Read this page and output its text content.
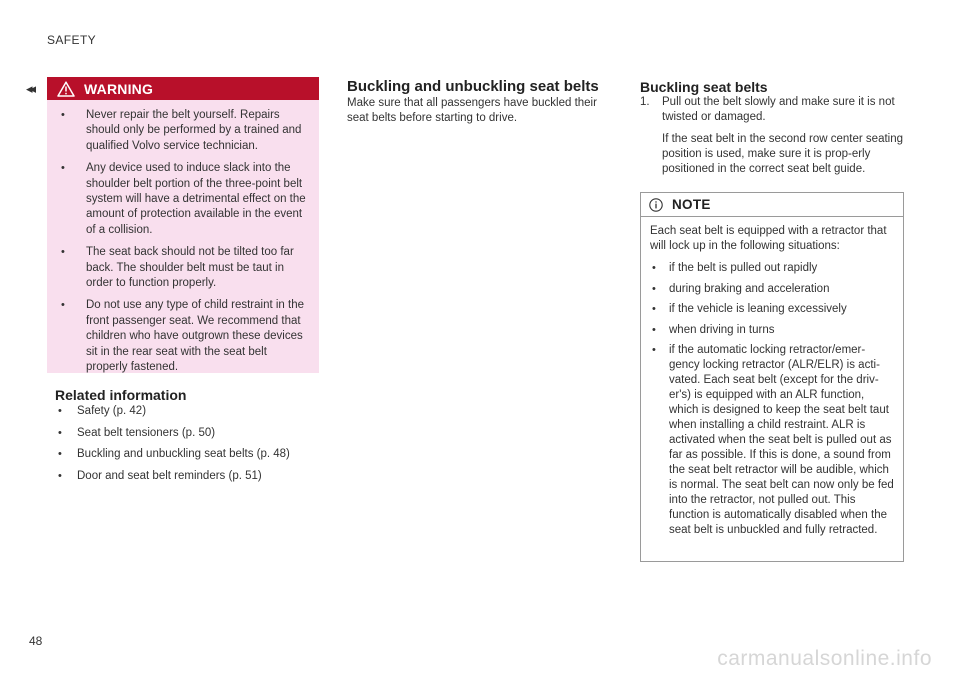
SAFETY
◂◂	WARNING
• Never repair the belt yourself. Repairs should only be performed by a trained and qualified Volvo service technician.
• Any device used to induce slack into the shoulder belt portion of the three-point belt system will have a detrimental effect on the amount of protection available in the event of a collision.
• The seat back should not be tilted too far back. The shoulder belt must be taut in order to function properly.
• Do not use any type of child restraint in the front passenger seat. We recommend that children who have outgrown these devices sit in the rear seat with the seat belt properly fastened.
Related information
• Safety (p. 42)
• Seat belt tensioners (p. 50)
• Buckling and unbuckling seat belts (p. 48)
• Door and seat belt reminders (p. 51)
Buckling and unbuckling seat belts
Make sure that all passengers have buckled their seat belts before starting to drive.
Buckling seat belts
1. Pull out the belt slowly and make sure it is not twisted or damaged.
If the seat belt in the second row center seating position is used, make sure it is prop-erly positioned in the correct seat belt guide.
NOTE
Each seat belt is equipped with a retractor that will lock up in the following situations:
• if the belt is pulled out rapidly
• during braking and acceleration
• if the vehicle is leaning excessively
• when driving in turns
• if the automatic locking retractor/emer-gency locking retractor (ALR/ELR) is acti-vated. Each seat belt (except for the driv-er's) is equipped with an ALR function, which is designed to keep the seat belt taut when installing a child restraint. ALR is activated when the seat belt is pulled out as far as possible. If this is done, a sound from the seat belt retractor will be audible, which is normal. The seat belt can now only be fed into the retractor, not pulled out. This function is automatically disabled when the seat belt is unbuckled and fully retracted.
48
carmanualsonline.info
